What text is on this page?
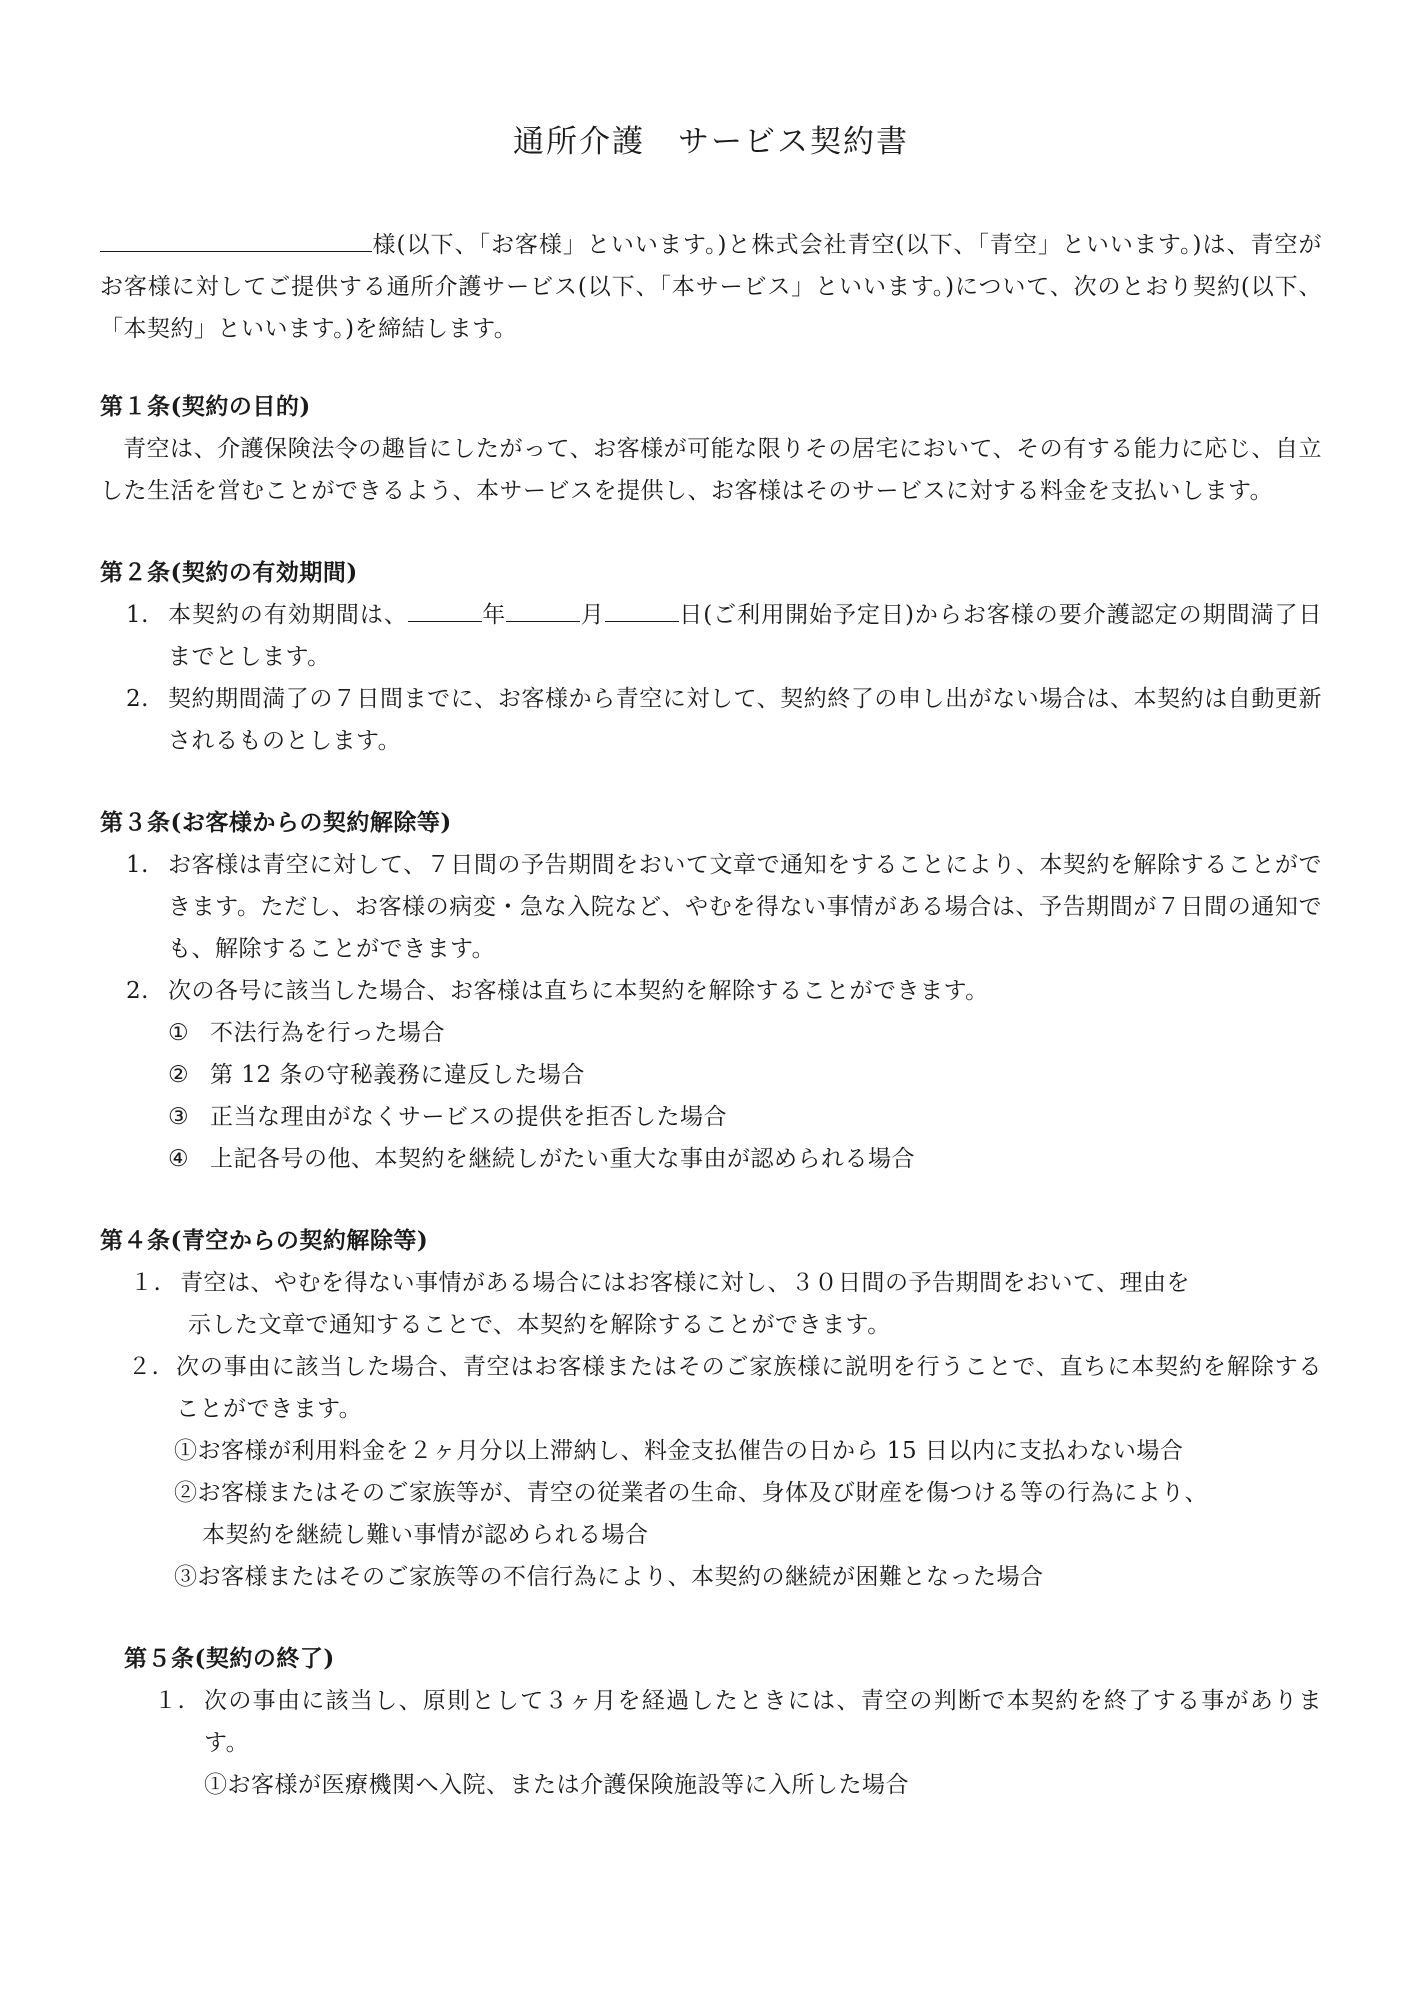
通所介護　サービス契約書

様(以下、「お客様」といいます。)と株式会社青空(以下、「青空」といいます。)は、青空がお客様に対してご提供する通所介護サービス(以下、「本サービス」といいます。)について、次のとおり契約(以下、「本契約」といいます。)を締結します。

第１条(契約の目的)

青空は、介護保険法令の趣旨にしたがって、お客様が可能な限りその居宅において、その有する能力に応じ、自立した生活を営むことができるよう、本サービスを提供し、お客様はそのサービスに対する料金を支払いします。

第２条(契約の有効期間)

1. 本契約の有効期間は、	年	月	日(ご利用開始予定日)からお客様の要介護認定の期間満了日までとします。
2. 契約期間満了の７日間までに、お客様から青空に対して、契約終了の申し出がない場合は、本契約は自動更新されるものとします。

第３条(お客様からの契約解除等)

1. お客様は青空に対して、７日間の予告期間をおいて文章で通知をすることにより、本契約を解除することができます。ただし、お客様の病変・急な入院など、やむを得ない事情がある場合は、予告期間が７日間の通知でも、解除することができます。
2. 次の各号に該当した場合、お客様は直ちに本契約を解除することができます。
① 不法行為を行った場合
② 第 12 条の守秘義務に違反した場合
③ 正当な理由がなくサービスの提供を拒否した場合
④ 上記各号の他、本契約を継続しがたい重大な事由が認められる場合

第４条(青空からの契約解除等)

１. 青空は、やむを得ない事情がある場合にはお客様に対し、３０日間の予告期間をおいて、理由を
示した文章で通知することで、本契約を解除することができます。
２. 次の事由に該当した場合、青空はお客様またはそのご家族様に説明を行うことで、直ちに本契約を解除することができます。
①お客様が利用料金を２ヶ月分以上滞納し、料金支払催告の日から 15 日以内に支払わない場合
②お客様またはそのご家族等が、青空の従業者の生命、身体及び財産を傷つける等の行為により、
本契約を継続し難い事情が認められる場合
③お客様またはそのご家族等の不信行為により、本契約の継続が困難となった場合

第５条(契約の終了)

１. 次の事由に該当し、原則として３ヶ月を経過したときには、青空の判断で本契約を終了する事があります。
①お客様が医療機関へ入院、または介護保険施設等に入所した場合
